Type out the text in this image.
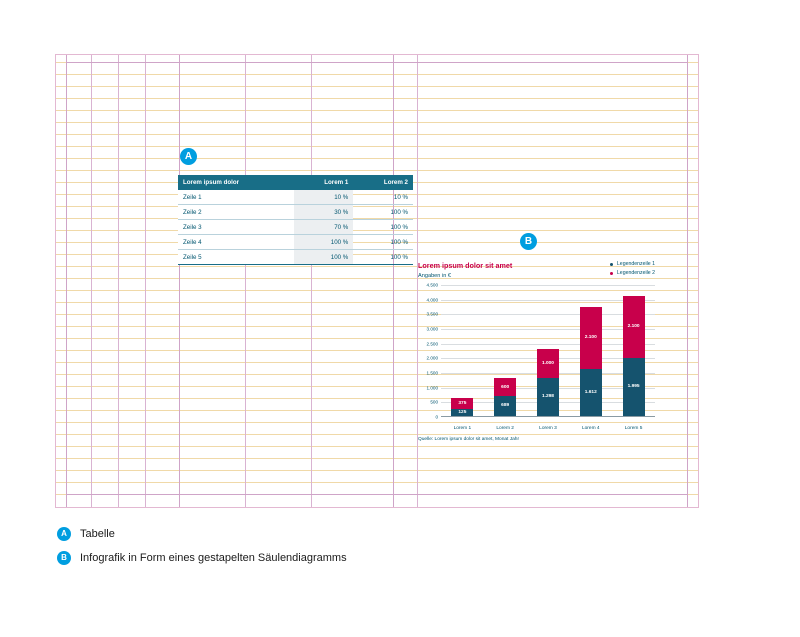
A
B
Lorem ipsum dolor	Lorem 1	Lorem 2
Zeile 1	10 %	10 %
Zeile 2	30 %	100 %
Zeile 3	70 %	100 %
Zeile 4	100 %	100 %
Zeile 5	100 %	100 %
Lorem ipsum dolor sit amet
Angaben in €
Legendenzeile 1
Legendenzeile 2
4.500
4.000
3.500
3.000
2.500
2.000
1.500
1.000
500
0
375
125
600
689
1.000
1.298
2.100
1.612
2.100
1.995
Lorem 1	Lorem 2	Lorem 3	Lorem 4	Lorem 5
Quelle: Lorem ipsum dolor sit amet, Monat Jahr
A	Tabelle
B	Infografik in Form eines gestapelten Säulendiagramms
